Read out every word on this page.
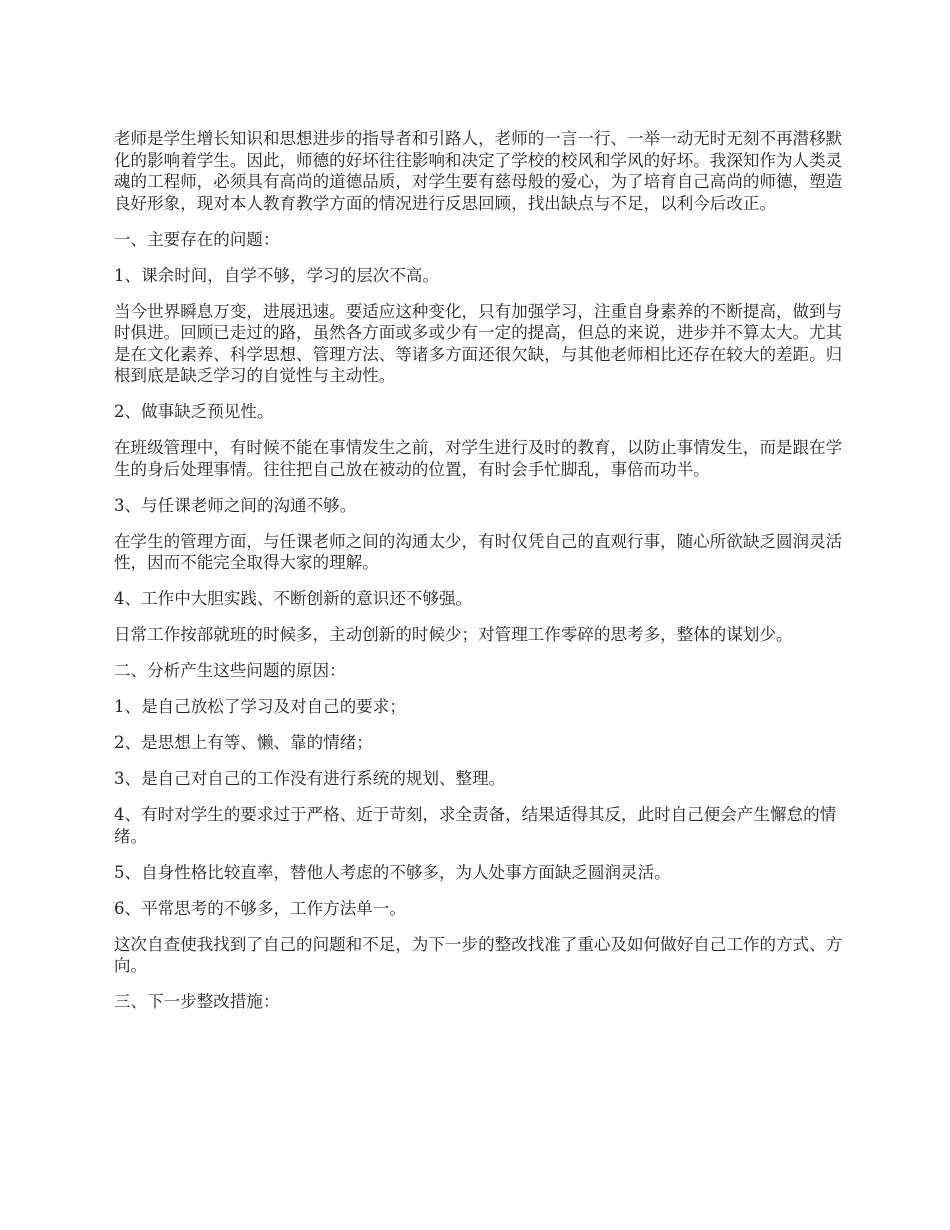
老师是学生增长知识和思想进步的指导者和引路人，老师的一言一行、一举一动无时无刻不再潜移默化的影响着学生。因此，师德的好坏往往影响和决定了学校的校风和学风的好坏。我深知作为人类灵魂的工程师，必须具有高尚的道德品质，对学生要有慈母般的爱心，为了培育自己高尚的师德，塑造良好形象，现对本人教育教学方面的情况进行反思回顾，找出缺点与不足，以利今后改正。

一、主要存在的问题：

1、课余时间，自学不够，学习的层次不高。

当今世界瞬息万变，进展迅速。要适应这种变化，只有加强学习，注重自身素养的不断提高，做到与时俱进。回顾已走过的路，虽然各方面或多或少有一定的提高，但总的来说，进步并不算太大。尤其是在文化素养、科学思想、管理方法、等诸多方面还很欠缺，与其他老师相比还存在较大的差距。归根到底是缺乏学习的自觉性与主动性。

2、做事缺乏预见性。

在班级管理中，有时候不能在事情发生之前，对学生进行及时的教育，以防止事情发生，而是跟在学生的身后处理事情。往往把自己放在被动的位置，有时会手忙脚乱，事倍而功半。

3、与任课老师之间的沟通不够。

在学生的管理方面，与任课老师之间的沟通太少，有时仅凭自己的直观行事，随心所欲缺乏圆润灵活性，因而不能完全取得大家的理解。

4、工作中大胆实践、不断创新的意识还不够强。

日常工作按部就班的时候多，主动创新的时候少；对管理工作零碎的思考多，整体的谋划少。

二、分析产生这些问题的原因：

1、是自己放松了学习及对自己的要求；

2、是思想上有等、懒、靠的情绪；

3、是自己对自己的工作没有进行系统的规划、整理。

4、有时对学生的要求过于严格、近于苛刻，求全责备，结果适得其反，此时自己便会产生懈怠的情绪。

5、自身性格比较直率，替他人考虑的不够多，为人处事方面缺乏圆润灵活。

6、平常思考的不够多，工作方法单一。

这次自查使我找到了自己的问题和不足，为下一步的整改找准了重心及如何做好自己工作的方式、方向。

三、下一步整改措施：
